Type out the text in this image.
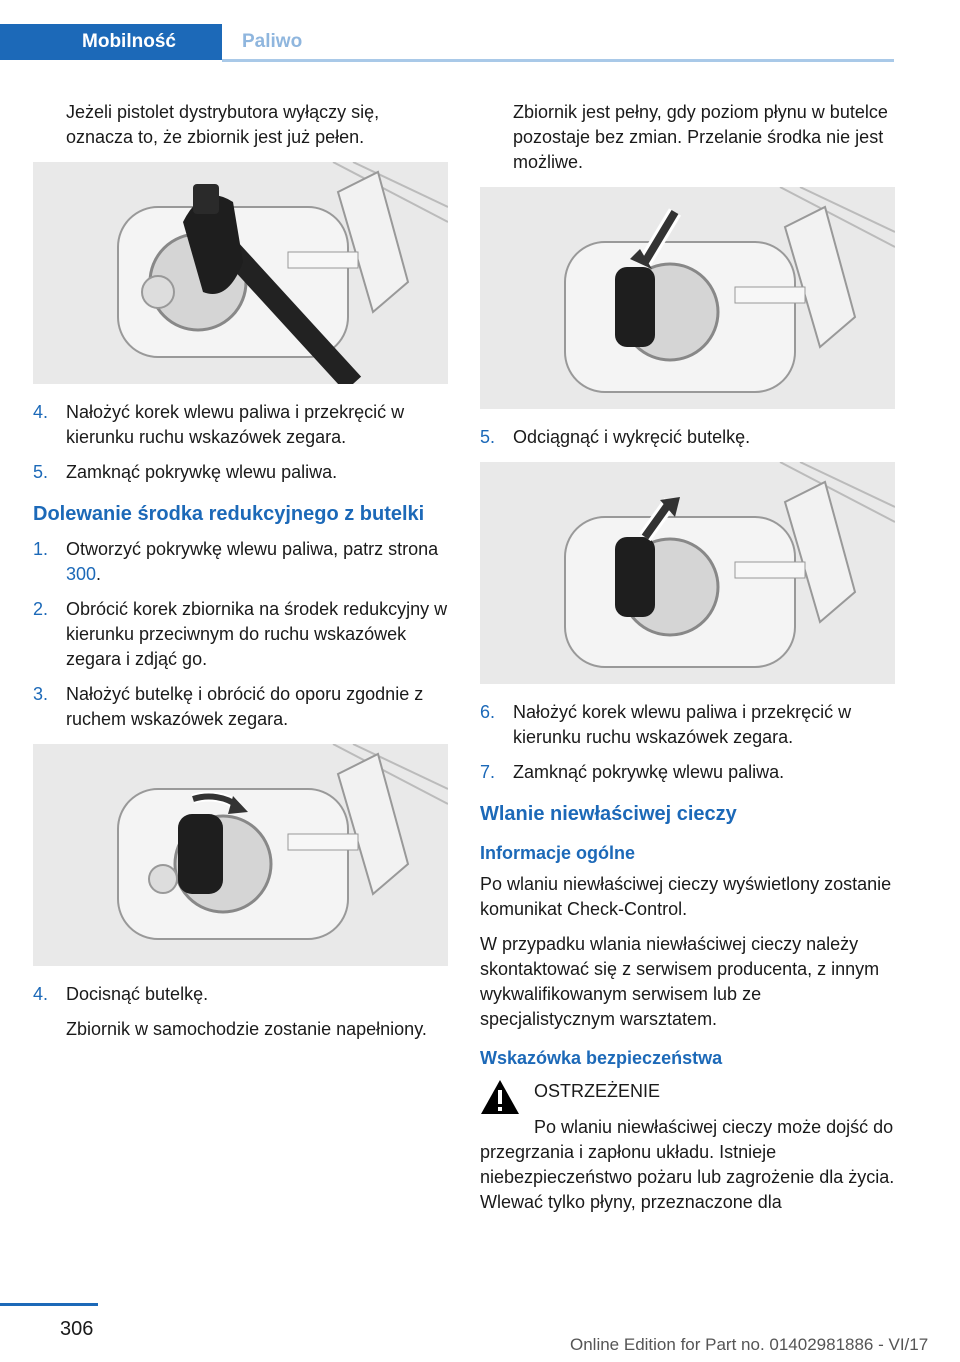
Mobilność	Paliwo

Jeżeli pistolet dystrybutora wyłączy się, oznacza to, że zbiornik jest już pełen.

4. Nałożyć korek wlewu paliwa i przekręcić w kierunku ruchu wskazówek zegara.
5. Zamknąć pokrywkę wlewu paliwa.
Dolewanie środka redukcyjnego z butelki
1. Otworzyć pokrywkę wlewu paliwa, patrz strona 300.
2. Obrócić korek zbiornika na środek redukcyjny w kierunku przeciwnym do ruchu wskazówek zegara i zdjąć go.
3. Nałożyć butelkę i obrócić do oporu zgodnie z ruchem wskazówek zegara.
4. Docisnąć butelkę.

Zbiornik w samochodzie zostanie napełniony.

Zbiornik jest pełny, gdy poziom płynu w butelce pozostaje bez zmian. Przelanie środka nie jest możliwe.

5. Odciągnąć i wykręcić butelkę.
6. Nałożyć korek wlewu paliwa i przekręcić w kierunku ruchu wskazówek zegara.
7. Zamknąć pokrywkę wlewu paliwa.
Wlanie niewłaściwej cieczy
Informacje ogólne

Po wlaniu niewłaściwej cieczy wyświetlony zostanie komunikat Check-Control.

W przypadku wlania niewłaściwej cieczy należy skontaktować się z serwisem producenta, z innym wykwalifikowanym serwisem lub ze specjalistycznym warsztatem.

Wskazówka bezpieczeństwa
OSTRZEŻENIE

Po wlaniu niewłaściwej cieczy może dojść do przegrzania i zapłonu układu. Istnieje niebezpieczeństwo pożaru lub zagrożenie dla życia. Wlewać tylko płyny, przeznaczone dla

306
Online Edition for Part no. 01402981886 - VI/17
